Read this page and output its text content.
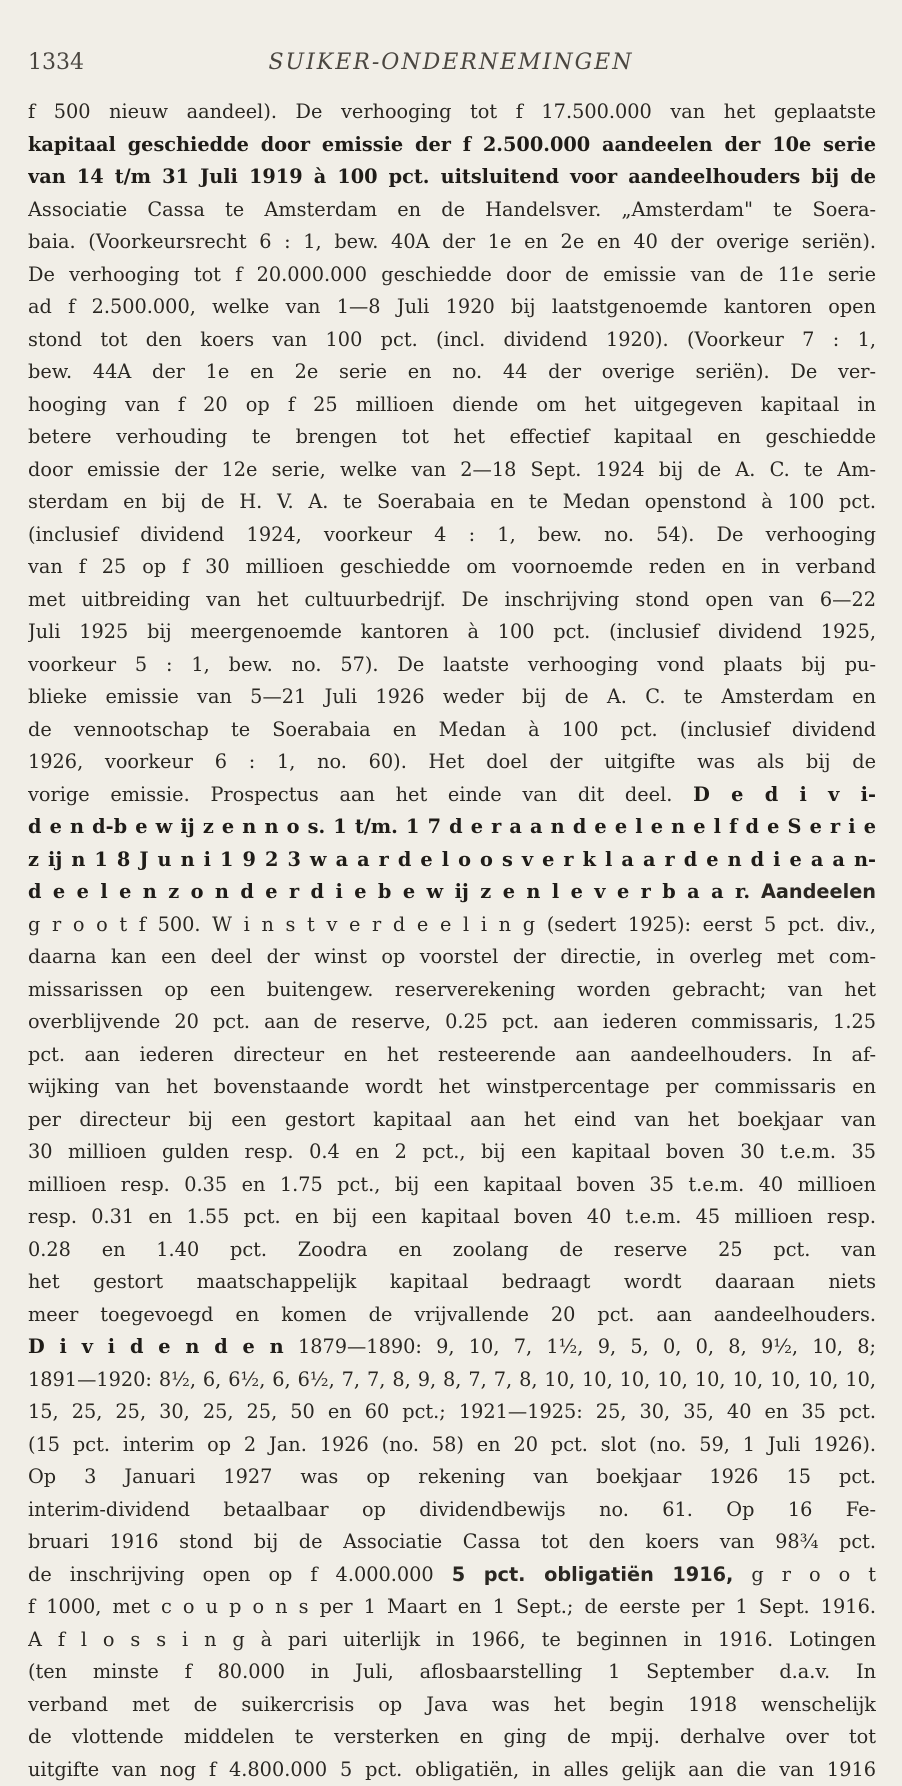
1334	SUIKER-ONDERNEMINGEN
f 500 nieuw aandeel). De verhooging tot f 17.500.000 van het geplaatste
kapitaal geschiedde door emissie der f 2.500.000 aandeelen der 10e serie
van 14 t/m 31 Juli 1919 à 100 pct. uitsluitend voor aandeelhouders bij de
Associatie Cassa te Amsterdam en de Handelsver. „Amsterdam" te Soera-
baia. (Voorkeursrecht 6 : 1, bew. 40A der 1e en 2e en 40 der overige seriën).
De verhooging tot f 20.000.000 geschiedde door de emissie van de 11e serie
ad f 2.500.000, welke van 1—8 Juli 1920 bij laatstgenoemde kantoren open
stond tot den koers van 100 pct. (incl. dividend 1920). (Voorkeur 7 : 1,
bew. 44A der 1e en 2e serie en no. 44 der overige seriën). De ver-
hooging van f 20 op f 25 millioen diende om het uitgegeven kapitaal in
betere verhouding te brengen tot het effectief kapitaal en geschiedde
door emissie der 12e serie, welke van 2—18 Sept. 1924 bij de A. C. te Am-
sterdam en bij de H. V. A. te Soerabaia en te Medan openstond à 100 pct.
(inclusief dividend 1924, voorkeur 4 : 1, bew. no. 54). De verhooging
van f 25 op f 30 millioen geschiedde om voornoemde reden en in verband
met uitbreiding van het cultuurbedrijf. De inschrijving stond open van 6—22
Juli 1925 bij meergenoemde kantoren à 100 pct. (inclusief dividend 1925,
voorkeur 5 : 1, bew. no. 57). De laatste verhooging vond plaats bij pu-
blieke emissie van 5—21 Juli 1926 weder bij de A. C. te Amsterdam en
de vennootschap te Soerabaia en Medan à 100 pct. (inclusief dividend
1926, voorkeur 6 : 1, no. 60). Het doel der uitgifte was als bij de
vorige emissie. Prospectus aan het einde van dit deel. D e d i v i-
d e n d-b e w ij z e n n o s. 1 t/m. 1 7 d e r a a n d e e l e n e l f d e S e r i e
z ij n 1 8 J u n i 1 9 2 3 w a a r d e l o o s v e r k l a a r d e n d i e a a n-
d e e l e n z o n d e r d i e b e w ij z e n l e v e r b a a r. Aandeelen
g r o o t f 500. W i n s t v e r d e e l i n g (sedert 1925): eerst 5 pct. div.,
daarna kan een deel der winst op voorstel der directie, in overleg met com-
missarissen op een buitengew. reserverekening worden gebracht; van het
overblijvende 20 pct. aan de reserve, 0.25 pct. aan iederen commissaris, 1.25
pct. aan iederen directeur en het resteerende aan aandeelhouders. In af-
wijking van het bovenstaande wordt het winstpercentage per commissaris en
per directeur bij een gestort kapitaal aan het eind van het boekjaar van
30 millioen gulden resp. 0.4 en 2 pct., bij een kapitaal boven 30 t.e.m. 35
millioen resp. 0.35 en 1.75 pct., bij een kapitaal boven 35 t.e.m. 40 millioen
resp. 0.31 en 1.55 pct. en bij een kapitaal boven 40 t.e.m. 45 millioen resp.
0.28 en 1.40 pct. Zoodra en zoolang de reserve 25 pct. van
het gestort maatschappelijk kapitaal bedraagt wordt daaraan niets
meer toegevoegd en komen de vrijvallende 20 pct. aan aandeelhouders.
D i v i d e n d e n 1879—1890: 9, 10, 7, 1½, 9, 5, 0, 0, 8, 9½, 10, 8;
1891—1920: 8½, 6, 6½, 6, 6½, 7, 7, 8, 9, 8, 7, 7, 8, 10, 10, 10, 10, 10, 10, 10, 10, 10,
15, 25, 25, 30, 25, 25, 50 en 60 pct.; 1921—1925: 25, 30, 35, 40 en 35 pct.
(15 pct. interim op 2 Jan. 1926 (no. 58) en 20 pct. slot (no. 59, 1 Juli 1926).
Op 3 Januari 1927 was op rekening van boekjaar 1926 15 pct.
interim-dividend betaalbaar op dividendbewijs no. 61. Op 16 Fe-
bruari 1916 stond bij de Associatie Cassa tot den koers van 98¾ pct.
de inschrijving open op f 4.000.000 5 pct. obligatiën 1916, g r o o t
f 1000, met c o u p o n s per 1 Maart en 1 Sept.; de eerste per 1 Sept. 1916.
A f l o s s i n g à pari uiterlijk in 1966, te beginnen in 1916. Lotingen
(ten minste f 80.000 in Juli, aflosbaarstelling 1 September d.a.v. In
verband met de suikercrisis op Java was het begin 1918 wenschelijk
de vlottende middelen te versterken en ging de mpij. derhalve over tot
uitgifte van nog f 4.800.000 5 pct. obligatiën, in alles gelijk aan die van 1916
